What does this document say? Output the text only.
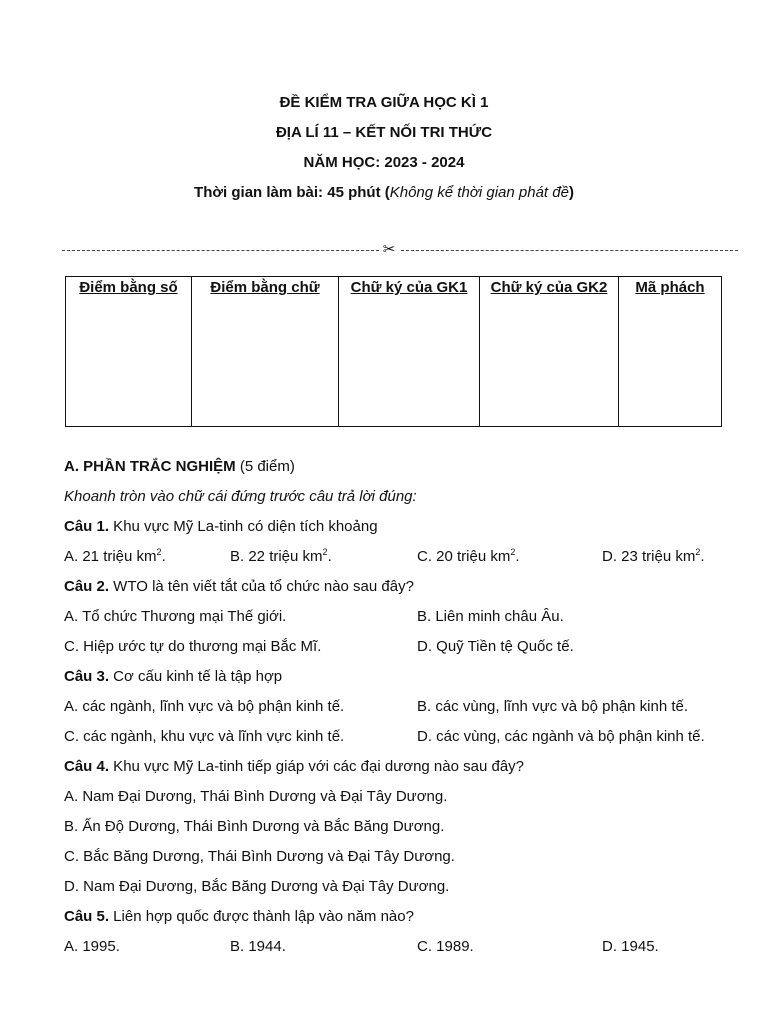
ĐỀ KIỂM TRA GIỮA HỌC KÌ 1
ĐỊA LÍ 11 – KẾT NỐI TRI THỨC
NĂM HỌC: 2023 - 2024
Thời gian làm bài: 45 phút (Không kể thời gian phát đề)
✂
Điểm bằng số	Điểm bằng chữ	Chữ ký của GK1	Chữ ký của GK2	Mã phách
A. PHẦN TRẮC NGHIỆM (5 điểm)
Khoanh tròn vào chữ cái đứng trước câu trả lời đúng:
Câu 1. Khu vực Mỹ La-tinh có diện tích khoảng
A. 21 triệu $km^2$.	B. 22 triệu $km^2$.	C. 20 triệu $km^2$.	D. 23 triệu $km^2$.
Câu 2. WTO là tên viết tắt của tổ chức nào sau đây?
A. Tổ chức Thương mại Thế giới.	B. Liên minh châu Âu.
C. Hiệp ước tự do thương mại Bắc Mĩ.	D. Quỹ Tiền tệ Quốc tế.
Câu 3. Cơ cấu kinh tế là tập hợp
A. các ngành, lĩnh vực và bộ phận kinh tế.	B. các vùng, lĩnh vực và bộ phận kinh tế.
C. các ngành, khu vực và lĩnh vực kinh tế.	D. các vùng, các ngành và bộ phận kinh tế.
Câu 4. Khu vực Mỹ La-tinh tiếp giáp với các đại dương nào sau đây?
A. Nam Đại Dương, Thái Bình Dương và Đại Tây Dương.
B. Ấn Độ Dương, Thái Bình Dương và Bắc Băng Dương.
C. Bắc Băng Dương, Thái Bình Dương và Đại Tây Dương.
D. Nam Đại Dương, Bắc Băng Dương và Đại Tây Dương.
Câu 5. Liên hợp quốc được thành lập vào năm nào?
A. 1995.	B. 1944.	C. 1989.	D. 1945.
